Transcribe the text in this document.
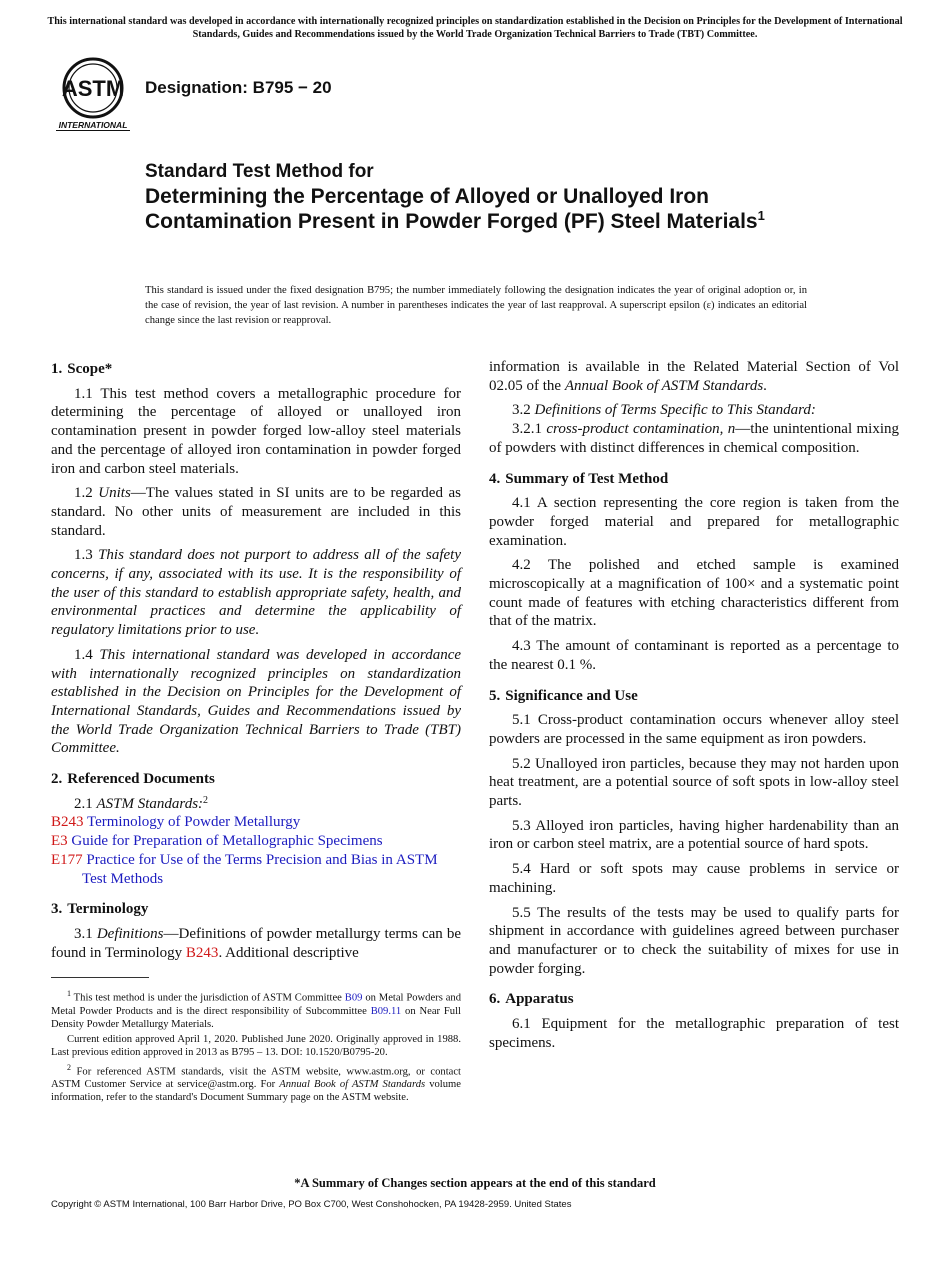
This international standard was developed in accordance with internationally recognized principles on standardization established in the Decision on Principles for the Development of International Standards, Guides and Recommendations issued by the World Trade Organization Technical Barriers to Trade (TBT) Committee.
ASTM
INTERNATIONAL
Designation: B795 − 20
Standard Test Method for
Determining the Percentage of Alloyed or Unalloyed Iron Contamination Present in Powder Forged (PF) Steel Materials$^1$
This standard is issued under the fixed designation B795; the number immediately following the designation indicates the year of original adoption or, in the case of revision, the year of last revision. A number in parentheses indicates the year of last reapproval. A superscript epsilon (ε) indicates an editorial change since the last revision or reapproval.
1. Scope*

1.1 This test method covers a metallographic procedure for determining the percentage of alloyed or unalloyed iron contamination present in powder forged low-alloy steel materials and the percentage of alloyed iron contamination in powder forged iron and carbon steel materials.

1.2 Units—The values stated in SI units are to be regarded as standard. No other units of measurement are included in this standard.

1.3 This standard does not purport to address all of the safety concerns, if any, associated with its use. It is the responsibility of the user of this standard to establish appropriate safety, health, and environmental practices and determine the applicability of regulatory limitations prior to use.

1.4 This international standard was developed in accordance with internationally recognized principles on standardization established in the Decision on Principles for the Development of International Standards, Guides and Recommendations issued by the World Trade Organization Technical Barriers to Trade (TBT) Committee.

2. Referenced Documents

2.1 ASTM Standards:$^2$

B243 Terminology of Powder Metallurgy
E3 Guide for Preparation of Metallographic Specimens
E177 Practice for Use of the Terms Precision and Bias in ASTM Test Methods
3. Terminology

3.1 Definitions—Definitions of powder metallurgy terms can be found in Terminology B243. Additional descriptive

$^1$ This test method is under the jurisdiction of ASTM Committee B09 on Metal Powders and Metal Powder Products and is the direct responsibility of Subcommittee B09.11 on Near Full Density Powder Metallurgy Materials.

Current edition approved April 1, 2020. Published June 2020. Originally approved in 1988. Last previous edition approved in 2013 as B795 – 13. DOI: 10.1520/B0795-20.

$^2$ For referenced ASTM standards, visit the ASTM website, www.astm.org, or contact ASTM Customer Service at service@astm.org. For Annual Book of ASTM Standards volume information, refer to the standard's Document Summary page on the ASTM website.

information is available in the Related Material Section of Vol 02.05 of the Annual Book of ASTM Standards.

3.2 Definitions of Terms Specific to This Standard:

3.2.1 cross-product contamination, n—the unintentional mixing of powders with distinct differences in chemical composition.

4. Summary of Test Method

4.1 A section representing the core region is taken from the powder forged material and prepared for metallographic examination.

4.2 The polished and etched sample is examined microscopically at a magnification of 100× and a systematic point count made of features with etching characteristics different from that of the matrix.

4.3 The amount of contaminant is reported as a percentage to the nearest 0.1 %.

5. Significance and Use

5.1 Cross-product contamination occurs whenever alloy steel powders are processed in the same equipment as iron powders.

5.2 Unalloyed iron particles, because they may not harden upon heat treatment, are a potential source of soft spots in low-alloy steel parts.

5.3 Alloyed iron particles, having higher hardenability than an iron or carbon steel matrix, are a potential source of hard spots.

5.4 Hard or soft spots may cause problems in service or machining.

5.5 The results of the tests may be used to qualify parts for shipment in accordance with guidelines agreed between purchaser and manufacturer or to check the suitability of mixes for use in powder forging.

6. Apparatus

6.1 Equipment for the metallographic preparation of test specimens.

*A Summary of Changes section appears at the end of this standard
Copyright © ASTM International, 100 Barr Harbor Drive, PO Box C700, West Conshohocken, PA 19428-2959. United States
